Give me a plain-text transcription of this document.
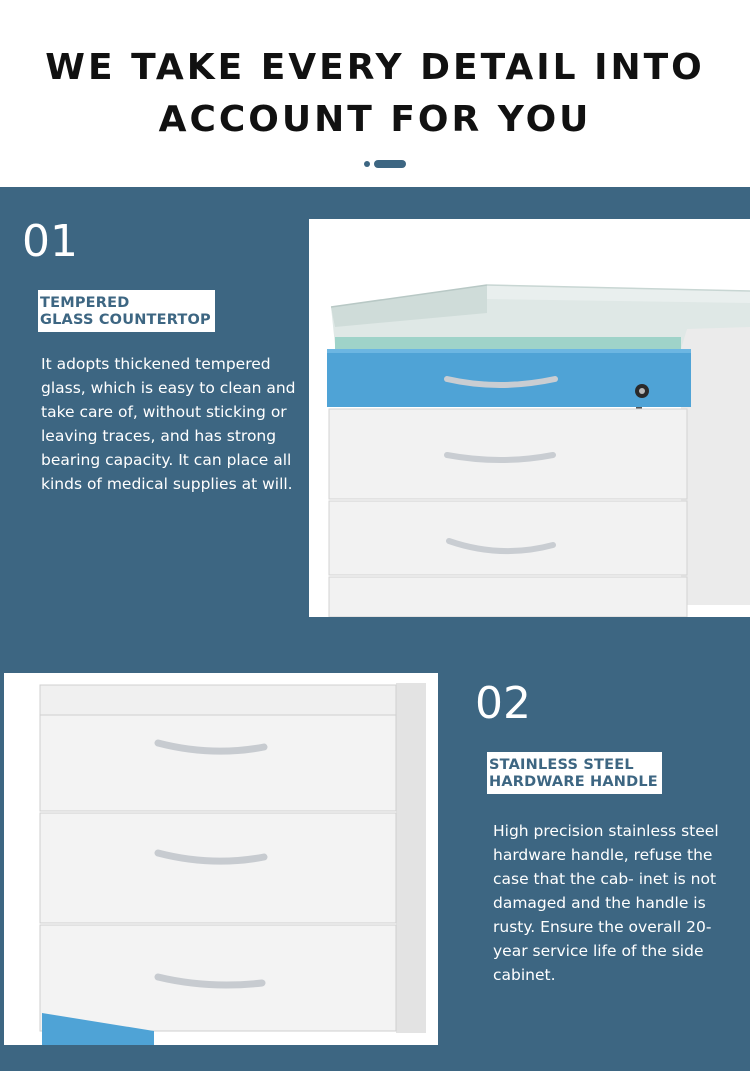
WE TAKE EVERY DETAIL INTO
ACCOUNT FOR YOU
01
TEMPERED
GLASS COUNTERTOP

It adopts thickened tempered glass, which is easy to clean and take care of, without sticking or leaving traces, and has strong bearing capacity. It can place all kinds of medical supplies at will.

02
STAINLESS STEEL
HARDWARE HANDLE

High precision stainless steel hardware handle, refuse the case that the cab- inet is not damaged and the handle is rusty. Ensure the overall 20-year service life of the side cabinet.
